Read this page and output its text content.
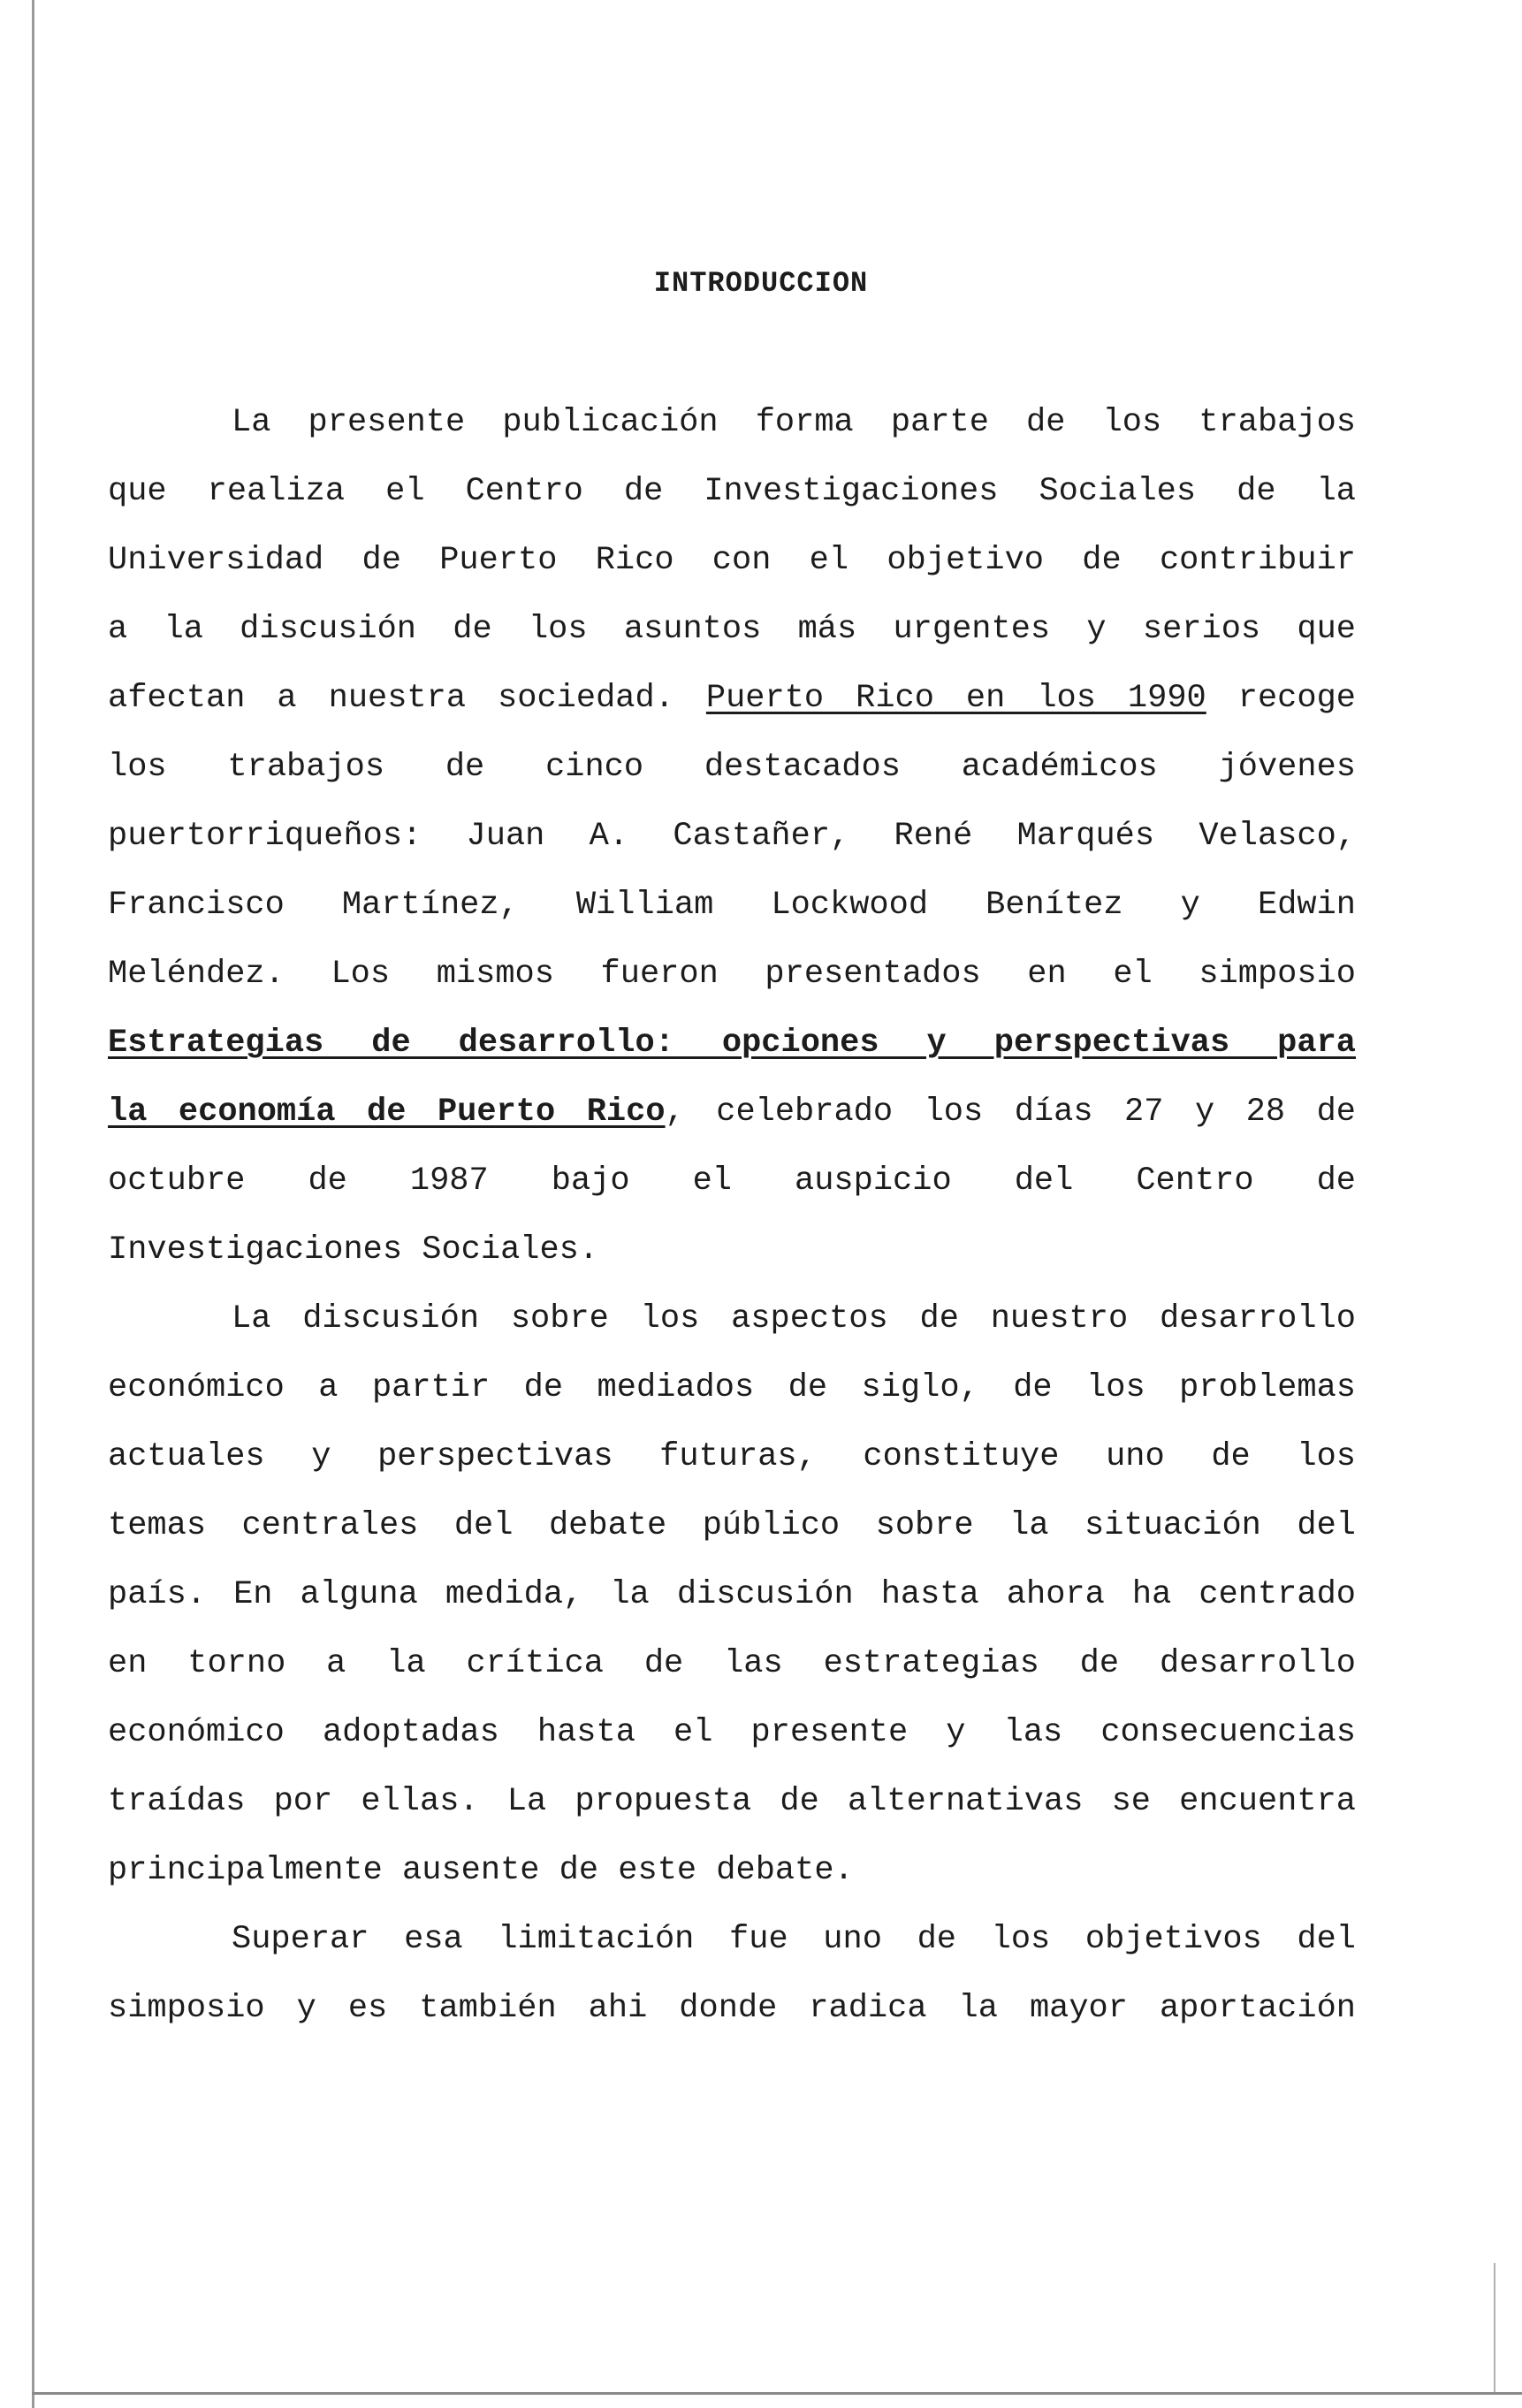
INTRODUCCION
La presente publicación forma parte de los trabajos
que realiza el Centro de Investigaciones Sociales de la
Universidad de Puerto Rico con el objetivo de contribuir
a la discusión de los asuntos más urgentes y serios que
afectan a nuestra sociedad. Puerto Rico en los 1990 recoge
los trabajos de cinco destacados académicos jóvenes
puertorriqueños: Juan A. Castañer, René Marqués Velasco,
Francisco Martínez, William Lockwood Benítez y Edwin
Meléndez. Los mismos fueron presentados en el simposio
Estrategias de desarrollo: opciones y perspectivas para
la economía de Puerto Rico, celebrado los días 27 y 28 de
octubre de 1987 bajo el auspicio del Centro de
Investigaciones Sociales.
La discusión sobre los aspectos de nuestro desarrollo
económico a partir de mediados de siglo, de los problemas
actuales y perspectivas futuras, constituye uno de los
temas centrales del debate público sobre la situación del
país. En alguna medida, la discusión hasta ahora ha centrado
en torno a la crítica de las estrategias de desarrollo
económico adoptadas hasta el presente y las consecuencias
traídas por ellas. La propuesta de alternativas se encuentra
principalmente ausente de este debate.
Superar esa limitación fue uno de los objetivos del
simposio y es también ahi donde radica la mayor aportación
